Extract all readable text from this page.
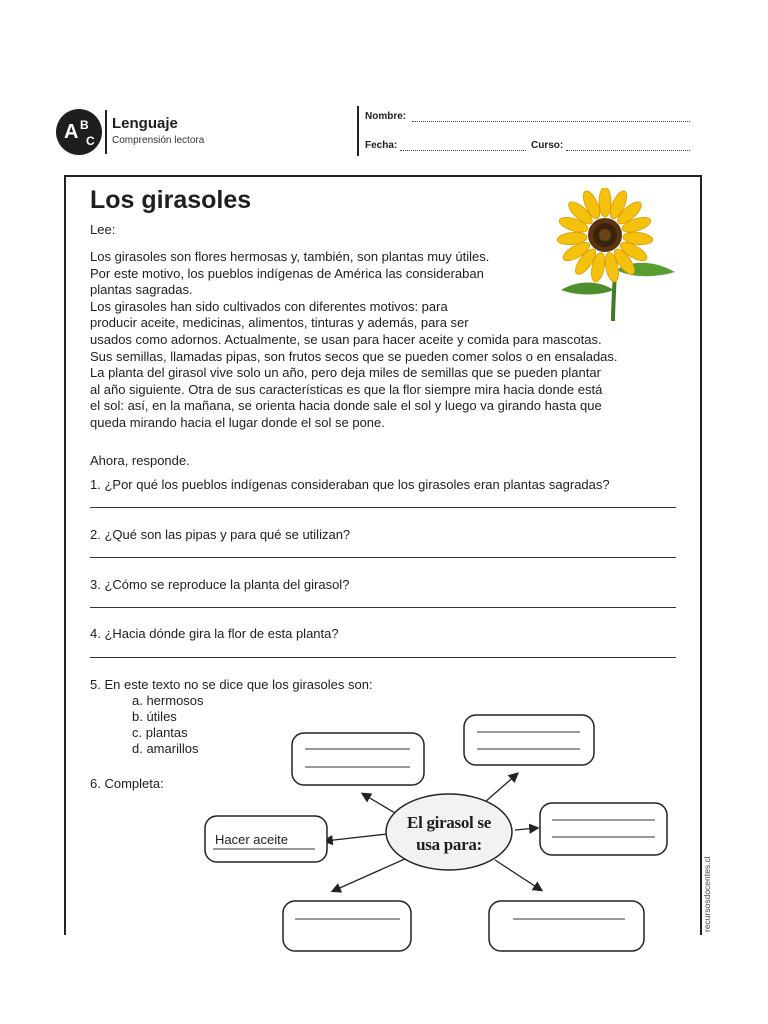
A B
C
Lenguaje
Comprensión lectora
Nombre:
Fecha:	Curso:
Los girasoles
Lee:
Los girasoles son flores hermosas y, también, son plantas muy útiles.
Por este motivo, los pueblos indígenas de América las consideraban
plantas sagradas.
Los girasoles han sido cultivados con diferentes motivos: para
producir aceite, medicinas, alimentos, tinturas y además, para ser
usados como adornos. Actualmente, se usan para hacer aceite y comida para mascotas.
Sus semillas, llamadas pipas, son frutos secos que se pueden comer solos o en ensaladas.
La planta del girasol vive solo un año, pero deja miles de semillas que se pueden plantar
al año siguiente. Otra de sus características es que la flor siempre mira hacia donde está
el sol: así, en la mañana, se orienta hacia donde sale el sol y luego va girando hasta que
queda mirando hacia el lugar donde el sol se pone.
Ahora, responde.
1. ¿Por qué los pueblos indígenas consideraban que los girasoles eran plantas sagradas?
2. ¿Qué son las pipas y para qué se utilizan?
3. ¿Cómo se reproduce la planta del girasol?
4. ¿Hacia dónde gira la flor de esta planta?
5. En este texto no se dice que los girasoles son:
a. hermosos
b. útiles
c. plantas
d. amarillos
6. Completa:
Hacer aceite
El girasol se
usa para:
recursosdocentes.cl
